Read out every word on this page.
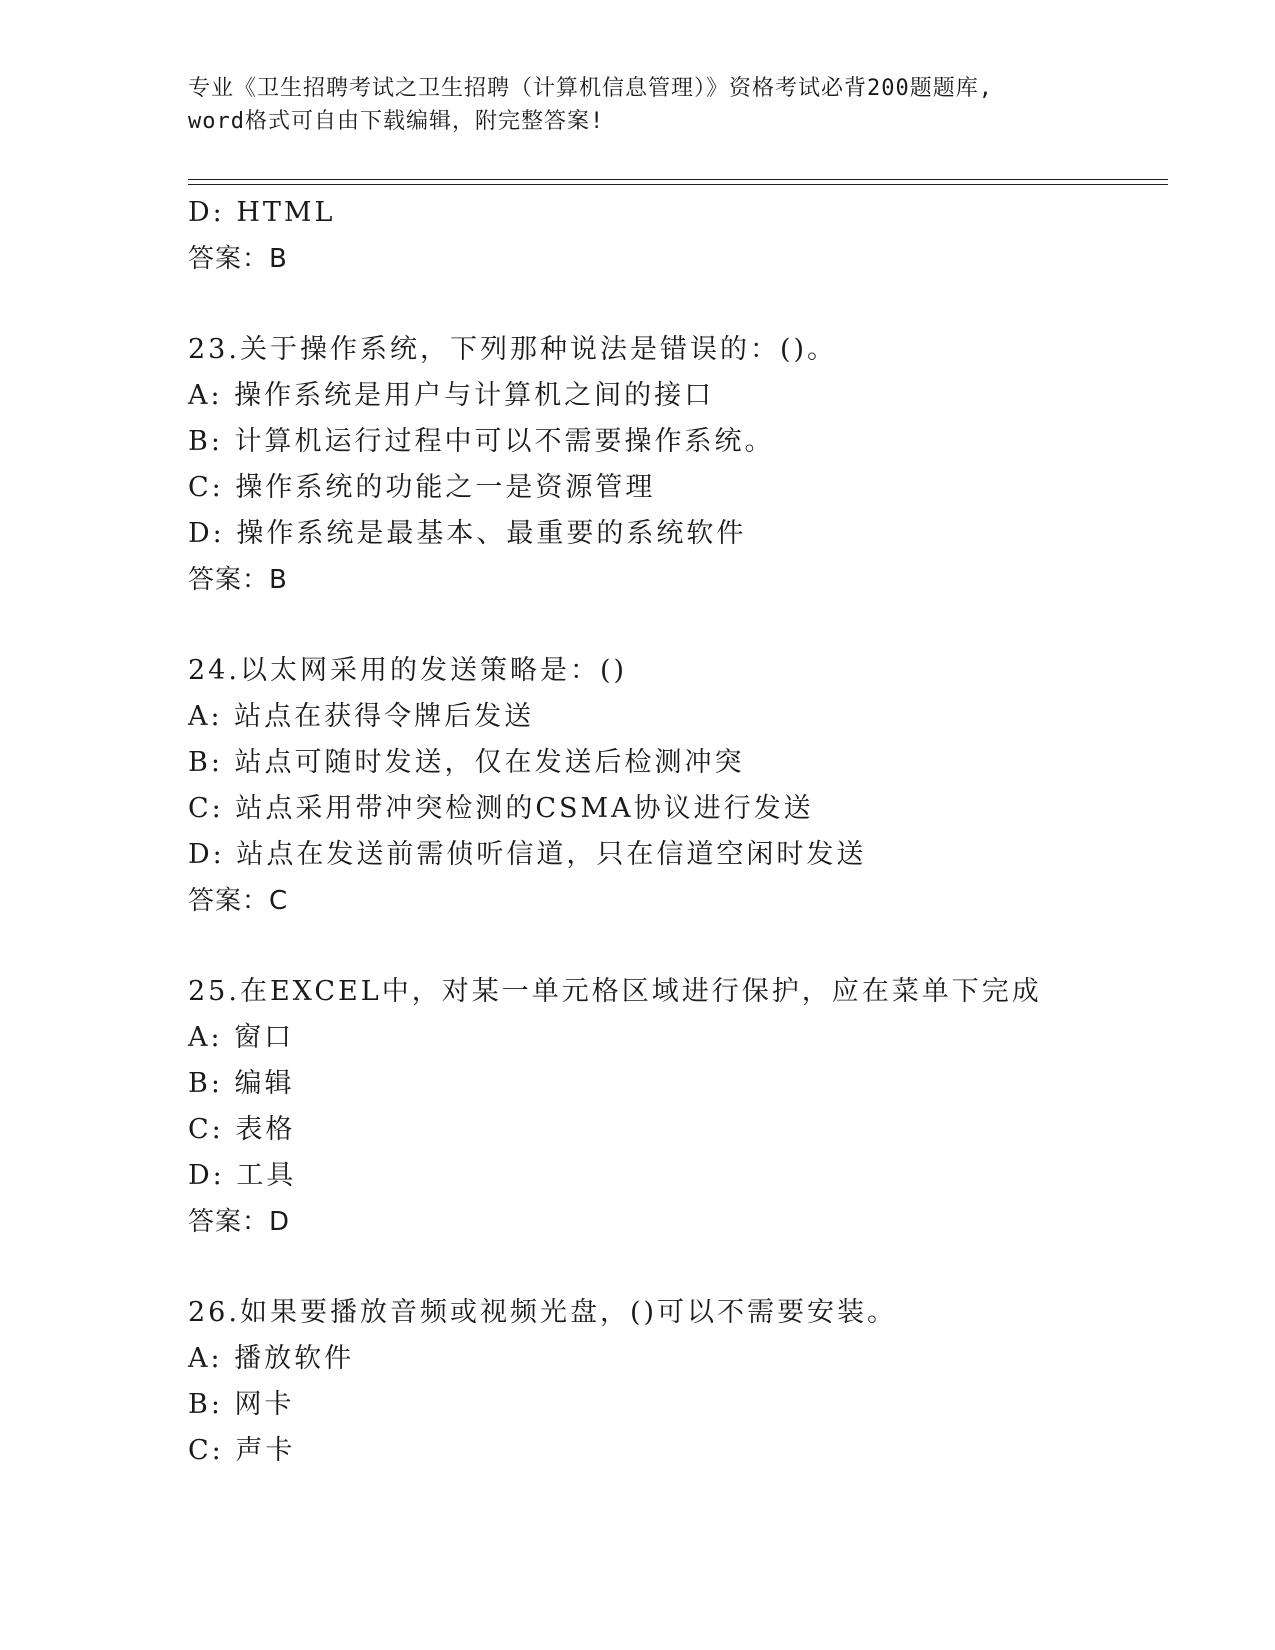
专业《卫生招聘考试之卫生招聘（计算机信息管理）》资格考试必背200题题库,
word格式可自由下载编辑，附完整答案!
D: HTML
答案：B
23.关于操作系统，下列那种说法是错误的：()。
A: 操作系统是用户与计算机之间的接口
B: 计算机运行过程中可以不需要操作系统。
C: 操作系统的功能之一是资源管理
D: 操作系统是最基本、最重要的系统软件
答案：B
24.以太网采用的发送策略是：()
A: 站点在获得令牌后发送
B: 站点可随时发送，仅在发送后检测冲突
C: 站点采用带冲突检测的CSMA协议进行发送
D: 站点在发送前需侦听信道，只在信道空闲时发送
答案：C
25.在EXCEL中，对某一单元格区域进行保护，应在菜单下完成
A: 窗口
B: 编辑
C: 表格
D: 工具
答案：D
26.如果要播放音频或视频光盘，()可以不需要安装。
A: 播放软件
B: 网卡
C: 声卡
